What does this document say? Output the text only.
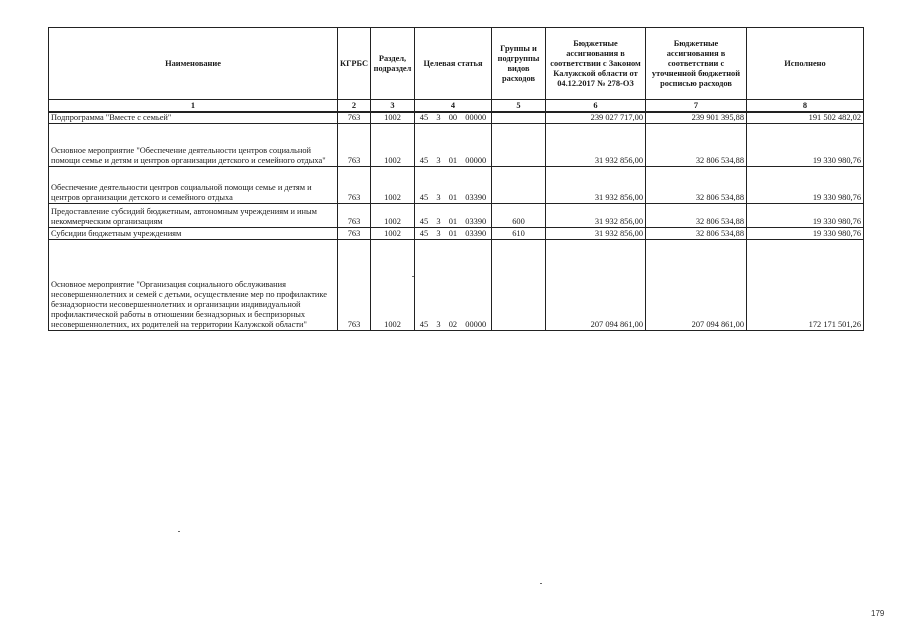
Наименование	КГРБС	Раздел, подраздел	Целевая статья	Группы и подгруппы видов расходов	Бюджетные ассигнования в соответствии с Законом Калужской области от 04.12.2017 № 278-ОЗ	Бюджетные ассигнования в соответствии с уточненной бюджетной росписью расходов	Исполнено
1	2	3	4	5	6	7	8
Подпрограмма "Вместе с семьей"	763	1002	45  3  00  00000		239 027 717,00	239 901 395,88	191 502 482,02
Основное мероприятие "Обеспечение деятельности центров социальной помощи семье и детям и центров организации детского и семейного отдыха"	763	1002	45  3  01  00000		31 932 856,00	32 806 534,88	19 330 980,76
Обеспечение деятельности центров социальной помощи семье и детям и центров организации детского и семейного отдыха	763	1002	45  3  01  03390		31 932 856,00	32 806 534,88	19 330 980,76
Предоставление субсидий бюджетным, автономным учреждениям и иным некоммерческим организациям	763	1002	45  3  01  03390	600	31 932 856,00	32 806 534,88	19 330 980,76
Субсидии бюджетным учреждениям	763	1002	45  3  01  03390	610	31 932 856,00	32 806 534,88	19 330 980,76
Основное мероприятие "Организация социального обслуживания несовершеннолетних и семей с детьми, осуществление мер по профилактике безнадзорности несовершеннолетних и организации индивидуальной профилактической работы в отношении безнадзорных и беспризорных несовершеннолетних, их родителей на территории Калужской области"	763	1002	45  3  02  00000		207 094 861,00	207 094 861,00	172 171 501,26
179
